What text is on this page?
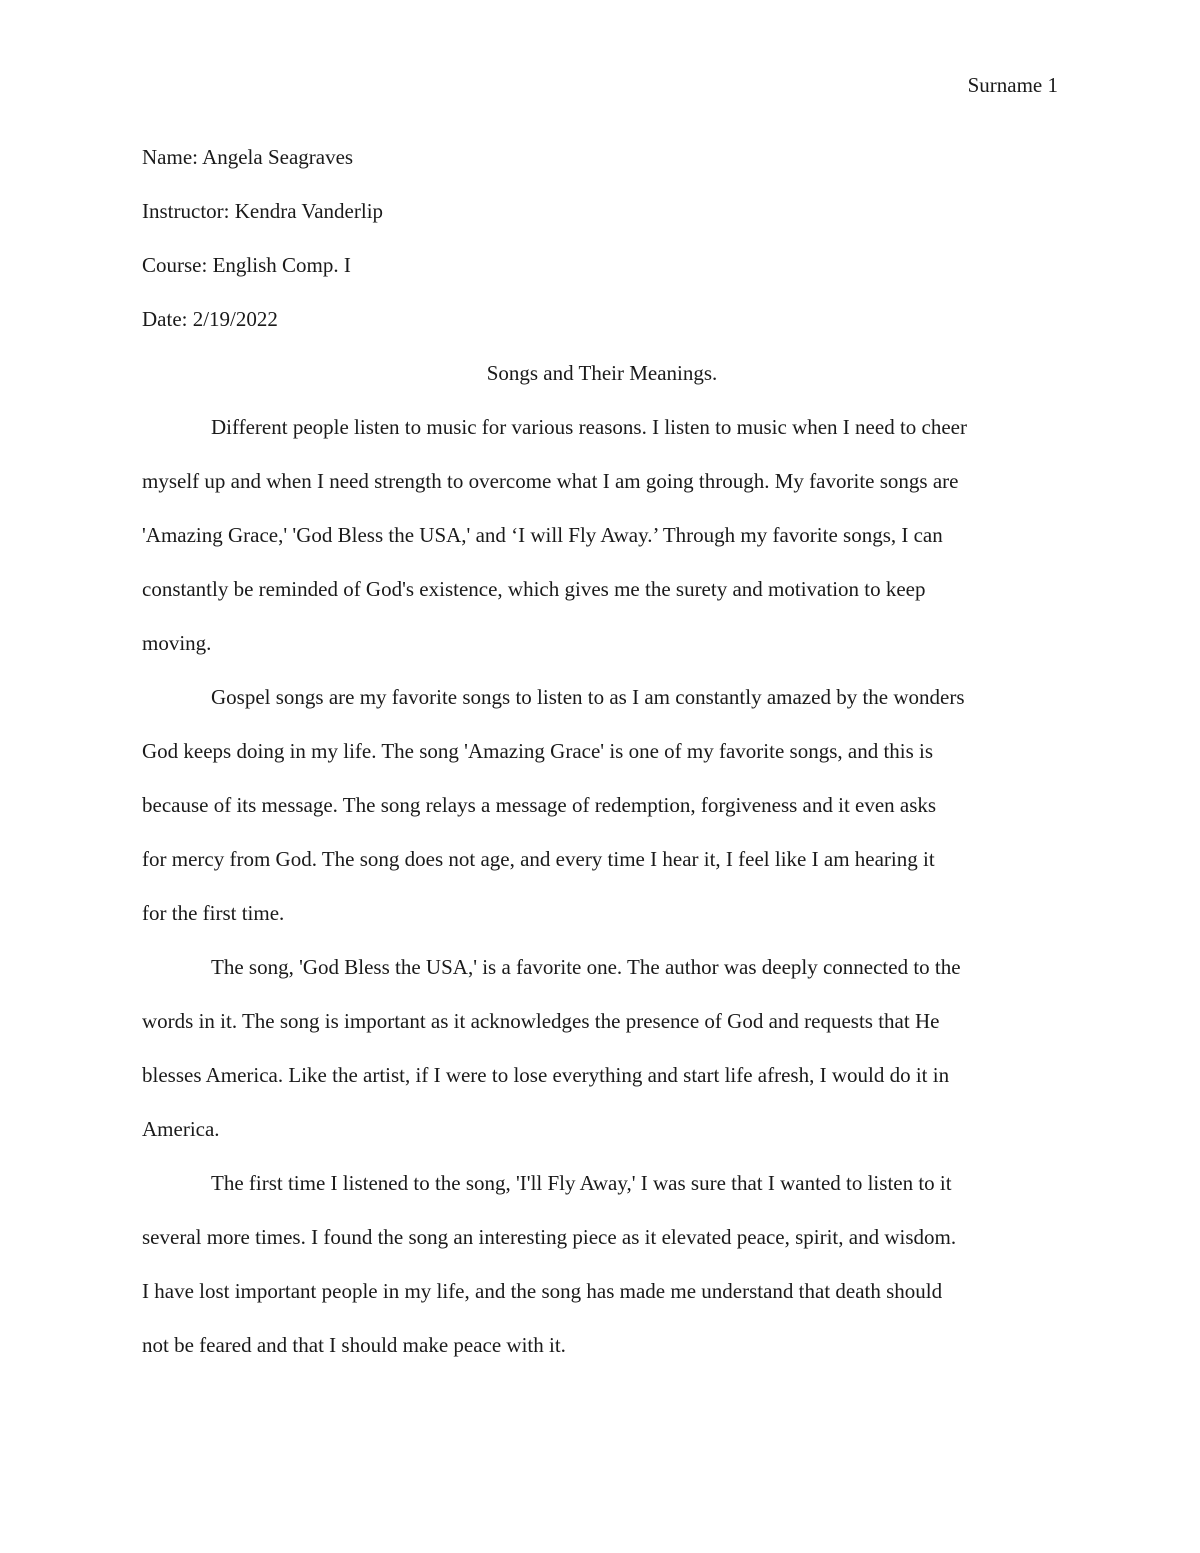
Surname 1

Name: Angela Seagraves

Instructor: Kendra Vanderlip

Course: English Comp. I

Date: 2/19/2022

Songs and Their Meanings.

Different people listen to music for various reasons. I listen to music when I need to cheer
myself up and when I need strength to overcome what I am going through. My favorite songs are
'Amazing Grace,' 'God Bless the USA,' and ‘I will Fly Away.’ Through my favorite songs, I can
constantly be reminded of God's existence, which gives me the surety and motivation to keep
moving.
Gospel songs are my favorite songs to listen to as I am constantly amazed by the wonders
God keeps doing in my life. The song 'Amazing Grace' is one of my favorite songs, and this is
because of its message. The song relays a message of redemption, forgiveness and it even asks
for mercy from God. The song does not age, and every time I hear it, I feel like I am hearing it
for the first time.
The song, 'God Bless the USA,' is a favorite one. The author was deeply connected to the
words in it. The song is important as it acknowledges the presence of God and requests that He
blesses America. Like the artist, if I were to lose everything and start life afresh, I would do it in
America.
The first time I listened to the song, 'I'll Fly Away,' I was sure that I wanted to listen to it
several more times. I found the song an interesting piece as it elevated peace, spirit, and wisdom.
I have lost important people in my life, and the song has made me understand that death should
not be feared and that I should make peace with it.
